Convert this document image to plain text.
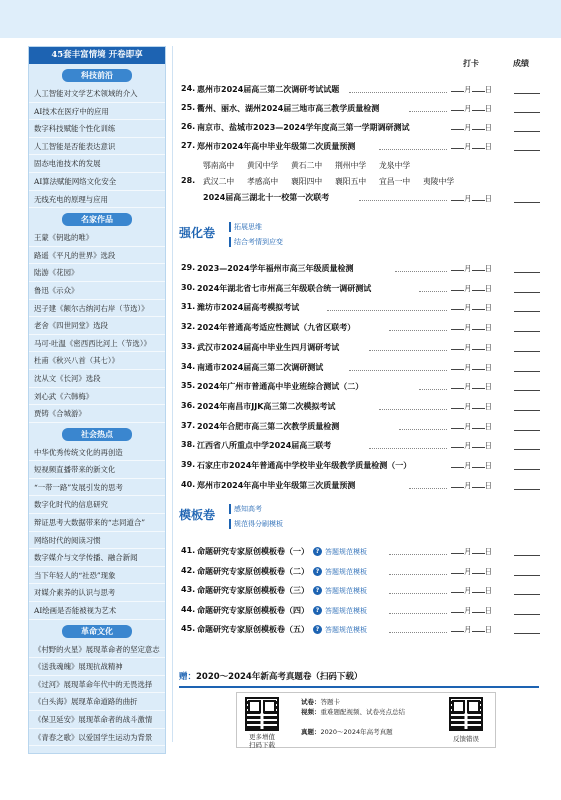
45套丰富情境 开卷即享
科技前沿
人工智能对文学艺术领域的介入
AI技术在医疗中的应用
数字科技赋能个性化训练
人工智能是否能表达意识
固态电池技术的发展
AI算法赋能网络文化安全
无线充电的原理与应用
名家作品
王蒙《钥匙的唯》
路遥《平凡的世界》选段
陆游《花园》
鲁迅《示众》
迟子建《额尔古纳河右岸（节选）》
老舍《四世同堂》选段
马可·吐温《密西西比河上（节选）》
杜甫《秋兴八首（其七）》
沈从文《长河》选段
刘心武《六韩梅》
贾铸《合城游》
社会热点
中华优秀传统文化的再创造
短视频直播带来的新文化
“一带一路”发展引发的思考
数字化时代的信息研究
辩证思考大数据带来的“志同道合”
网络时代的阅读习惯
数字媒介与文学传播、融合新闻
当下年轻人的“社恐”现象
对媒介素养的认识与思考
AI绘画是否能被视为艺术
革命文化
《村野的火星》展现革命者的坚定意志
《送我魂魄》展现抗战精神
《过河》展现革命年代中的无畏选择
《白头海》展现革命道路的曲折
《保卫延安》展现革命者的战斗激情
《青春之歌》以爱国学生运动为背景
打卡	成绩
24. 惠州市2024届高三第二次调研考试试题	月 日
25. 衢州、丽水、湖州2024届三地市高三教学质量检测	月 日
26. 南京市、盐城市2023—2024学年度高三第一学期调研测试	月 日
27. 郑州市2024年高中毕业年级第二次质量预测	月 日
28.
鄂南高中 黄冈中学 黄石二中 荆州中学 龙泉中学
武汉二中 孝感高中 襄阳四中 襄阳五中 宜昌一中 夷陵中学
2024届高三湖北十一校第一次联考	月 日
强化卷	拓展思维
结合考情到应变
29. 2023—2024学年福州市高三年级质量检测	月 日
30. 2024年湖北省七市州高三年级联合统一调研测试	月 日
31. 潍坊市2024届高考模拟考试	月 日
32. 2024年普通高考适应性测试（九省区联考）	月 日
33. 武汉市2024届高中毕业生四月调研考试	月 日
34. 南通市2024届高三第二次调研测试	月 日
35. 2024年广州市普通高中毕业班综合测试（二）	月 日
36. 2024年南昌市JJK高三第二次模拟考试	月 日
37. 2024年合肥市高三第二次教学质量检测	月 日
38. 江西省八所重点中学2024届高三联考	月 日
39. 石家庄市2024年普通高中学校毕业年级教学质量检测（一）	月 日
40. 郑州市2024年高中毕业年级第三次质量预测	月 日
模板卷	感知高考
规范得分刷模板
41. 命题研究专家原创模板卷（一） ? 答题规范模板	月 日
42. 命题研究专家原创模板卷（二） ? 答题规范模板	月 日
43. 命题研究专家原创模板卷（三） ? 答题规范模板	月 日
44. 命题研究专家原创模板卷（四） ? 答题规范模板	月 日
45. 命题研究专家原创模板卷（五） ? 答题规范模板	月 日
赠：2020～2024年新高考真题卷（扫码下载）
更多增值
扫码下载
试卷：答题卡
视频：重难题配视频、试卷亮点总结
真题：2020～2024年高考真题
反馈错误
